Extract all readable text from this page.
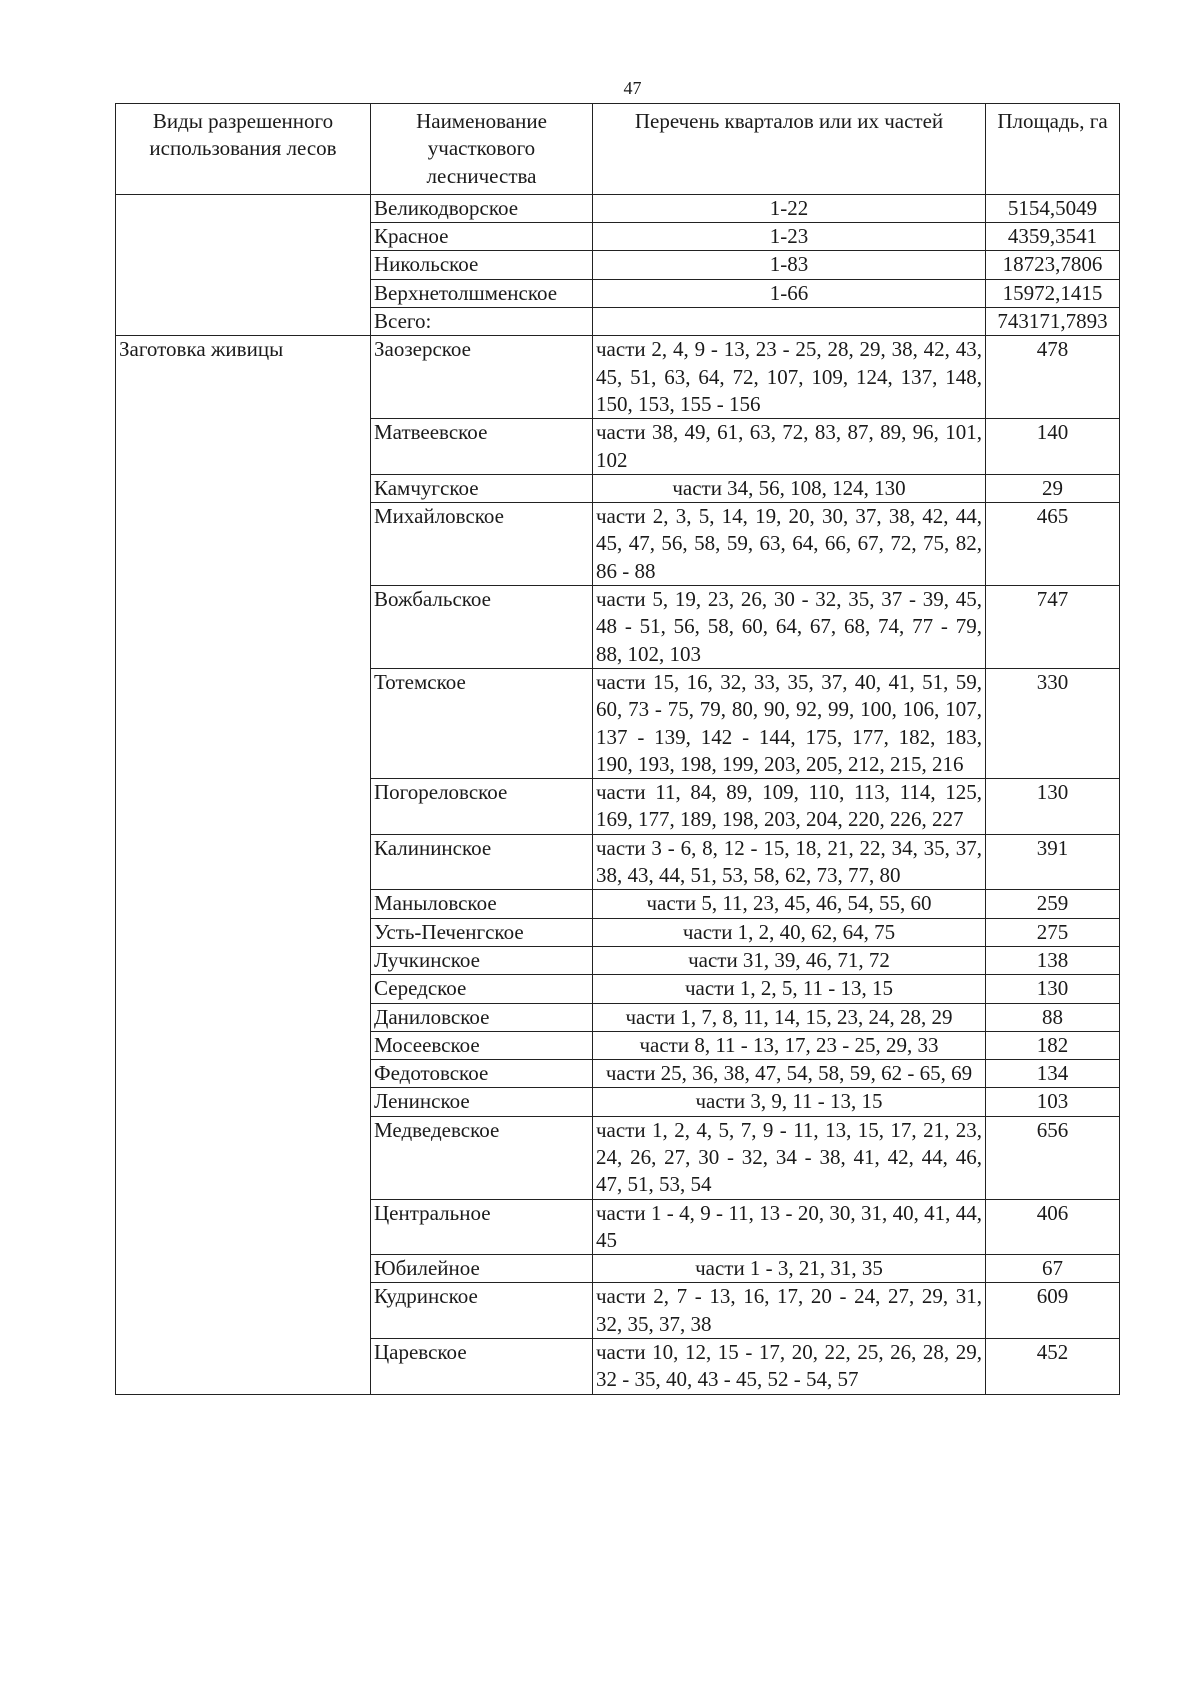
47
Виды разрешенного использования лесов	Наименование участкового лесничества	Перечень кварталов или их частей	Площадь, га
	Великодворское	1-22	5154,5049
	Красное	1-23	4359,3541
	Никольское	1-83	18723,7806
	Верхнетолшменское	1-66	15972,1415
	Всего:		743171,7893
Заготовка живицы	Заозерское	части 2, 4, 9 - 13, 23 - 25, 28, 29, 38, 42, 43, 45, 51, 63, 64, 72, 107, 109, 124, 137, 148, 150, 153, 155 - 156	478
	Матвеевское	части 38, 49, 61, 63, 72, 83, 87, 89, 96, 101, 102	140
	Камчугское	части 34, 56, 108, 124, 130	29
	Михайловское	части 2, 3, 5, 14, 19, 20, 30, 37, 38, 42, 44, 45, 47, 56, 58, 59, 63, 64, 66, 67, 72, 75, 82, 86 - 88	465
	Вожбальское	части 5, 19, 23, 26, 30 - 32, 35, 37 - 39, 45, 48 - 51, 56, 58, 60, 64, 67, 68, 74, 77 - 79, 88, 102, 103	747
	Тотемское	части 15, 16, 32, 33, 35, 37, 40, 41, 51, 59, 60, 73 - 75, 79, 80, 90, 92, 99, 100, 106, 107, 137 - 139, 142 - 144, 175, 177, 182, 183, 190, 193, 198, 199, 203, 205, 212, 215, 216	330
	Погореловское	части 11, 84, 89, 109, 110, 113, 114, 125, 169, 177, 189, 198, 203, 204, 220, 226, 227	130
	Калининское	части 3 - 6, 8, 12 - 15, 18, 21, 22, 34, 35, 37, 38, 43, 44, 51, 53, 58, 62, 73, 77, 80	391
	Маныловское	части 5, 11, 23, 45, 46, 54, 55, 60	259
	Усть-Печенгское	части 1, 2, 40, 62, 64, 75	275
	Лучкинское	части 31, 39, 46, 71, 72	138
	Середское	части 1, 2, 5, 11 - 13, 15	130
	Даниловское	части 1, 7, 8, 11, 14, 15, 23, 24, 28, 29	88
	Мосеевское	части 8, 11 - 13, 17, 23 - 25, 29, 33	182
	Федотовское	части 25, 36, 38, 47, 54, 58, 59, 62 - 65, 69	134
	Ленинское	части 3, 9, 11 - 13, 15	103
	Медведевское	части 1, 2, 4, 5, 7, 9 - 11, 13, 15, 17, 21, 23, 24, 26, 27, 30 - 32, 34 - 38, 41, 42, 44, 46, 47, 51, 53, 54	656
	Центральное	части 1 - 4, 9 - 11, 13 - 20, 30, 31, 40, 41, 44, 45	406
	Юбилейное	части 1 - 3, 21, 31, 35	67
	Кудринское	части 2, 7 - 13, 16, 17, 20 - 24, 27, 29, 31, 32, 35, 37, 38	609
	Царевское	части 10, 12, 15 - 17, 20, 22, 25, 26, 28, 29, 32 - 35, 40, 43 - 45, 52 - 54, 57	452
